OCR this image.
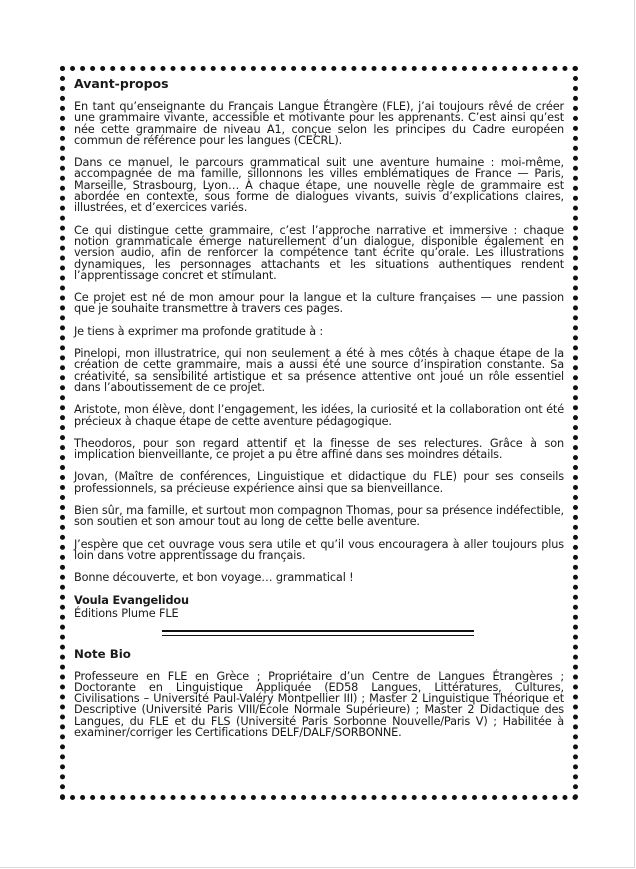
Avant-propos

En tant qu’enseignante du Français Langue Étrangère (FLE), j’ai toujours rêvé de créer une grammaire vivante, accessible et motivante pour les apprenants. C’est ainsi qu’est née cette grammaire de niveau A1, conçue selon les principes du Cadre européen commun de référence pour les langues (CECRL).

Dans ce manuel, le parcours grammatical suit une aventure humaine : moi-même, accompagnée de ma famille, sillonnons les villes emblématiques de France — Paris, Marseille, Strasbourg, Lyon… À chaque étape, une nouvelle règle de grammaire est abordée en contexte, sous forme de dialogues vivants, suivis d’explications claires, illustrées, et d’exercices variés.

Ce qui distingue cette grammaire, c’est l’approche narrative et immersive : chaque notion grammaticale émerge naturellement d’un dialogue, disponible également en version audio, afin de renforcer la compétence tant écrite qu’orale. Les illustrations dynamiques, les personnages attachants et les situations authentiques rendent l’apprentissage concret et stimulant.

Ce projet est né de mon amour pour la langue et la culture françaises — une passion que je souhaite transmettre à travers ces pages.

Je tiens à exprimer ma profonde gratitude à :

Pinelopi, mon illustratrice, qui non seulement a été à mes côtés à chaque étape de la création de cette grammaire, mais a aussi été une source d’inspiration constante. Sa créativité, sa sensibilité artistique et sa présence attentive ont joué un rôle essentiel dans l’aboutissement de ce projet.

Aristote, mon élève, dont l’engagement, les idées, la curiosité et la collaboration ont été précieux à chaque étape de cette aventure pédagogique.

Theodoros, pour son regard attentif et la finesse de ses relectures. Grâce à son implication bienveillante, ce projet a pu être affiné dans ses moindres détails.

Jovan, (Maître de conférences, Linguistique et didactique du FLE) pour ses conseils professionnels, sa précieuse expérience ainsi que sa bienveillance.

Bien sûr, ma famille, et surtout mon compagnon Thomas, pour sa présence indéfectible, son soutien et son amour tout au long de cette belle aventure.

J’espère que cet ouvrage vous sera utile et qu’il vous encouragera à aller toujours plus loin dans votre apprentissage du français.

Bonne découverte, et bon voyage… grammatical !

Voula Evangelidou
Éditions Plume FLE
Note Bio

Professeure en FLE en Grèce ; Propriétaire d’un Centre de Langues Étrangères ; Doctorante en Linguistique Appliquée (ED58 Langues, Littératures, Cultures, Civilisations – Université Paul-Valéry Montpellier III) ; Master 2 Linguistique Théorique et Descriptive (Université Paris VIII/École Normale Supérieure) ; Master 2 Didactique des Langues, du FLE et du FLS (Université Paris Sorbonne Nouvelle/Paris V) ; Habilitée à examiner/corriger les Certifications DELF/DALF/SORBONNE.
